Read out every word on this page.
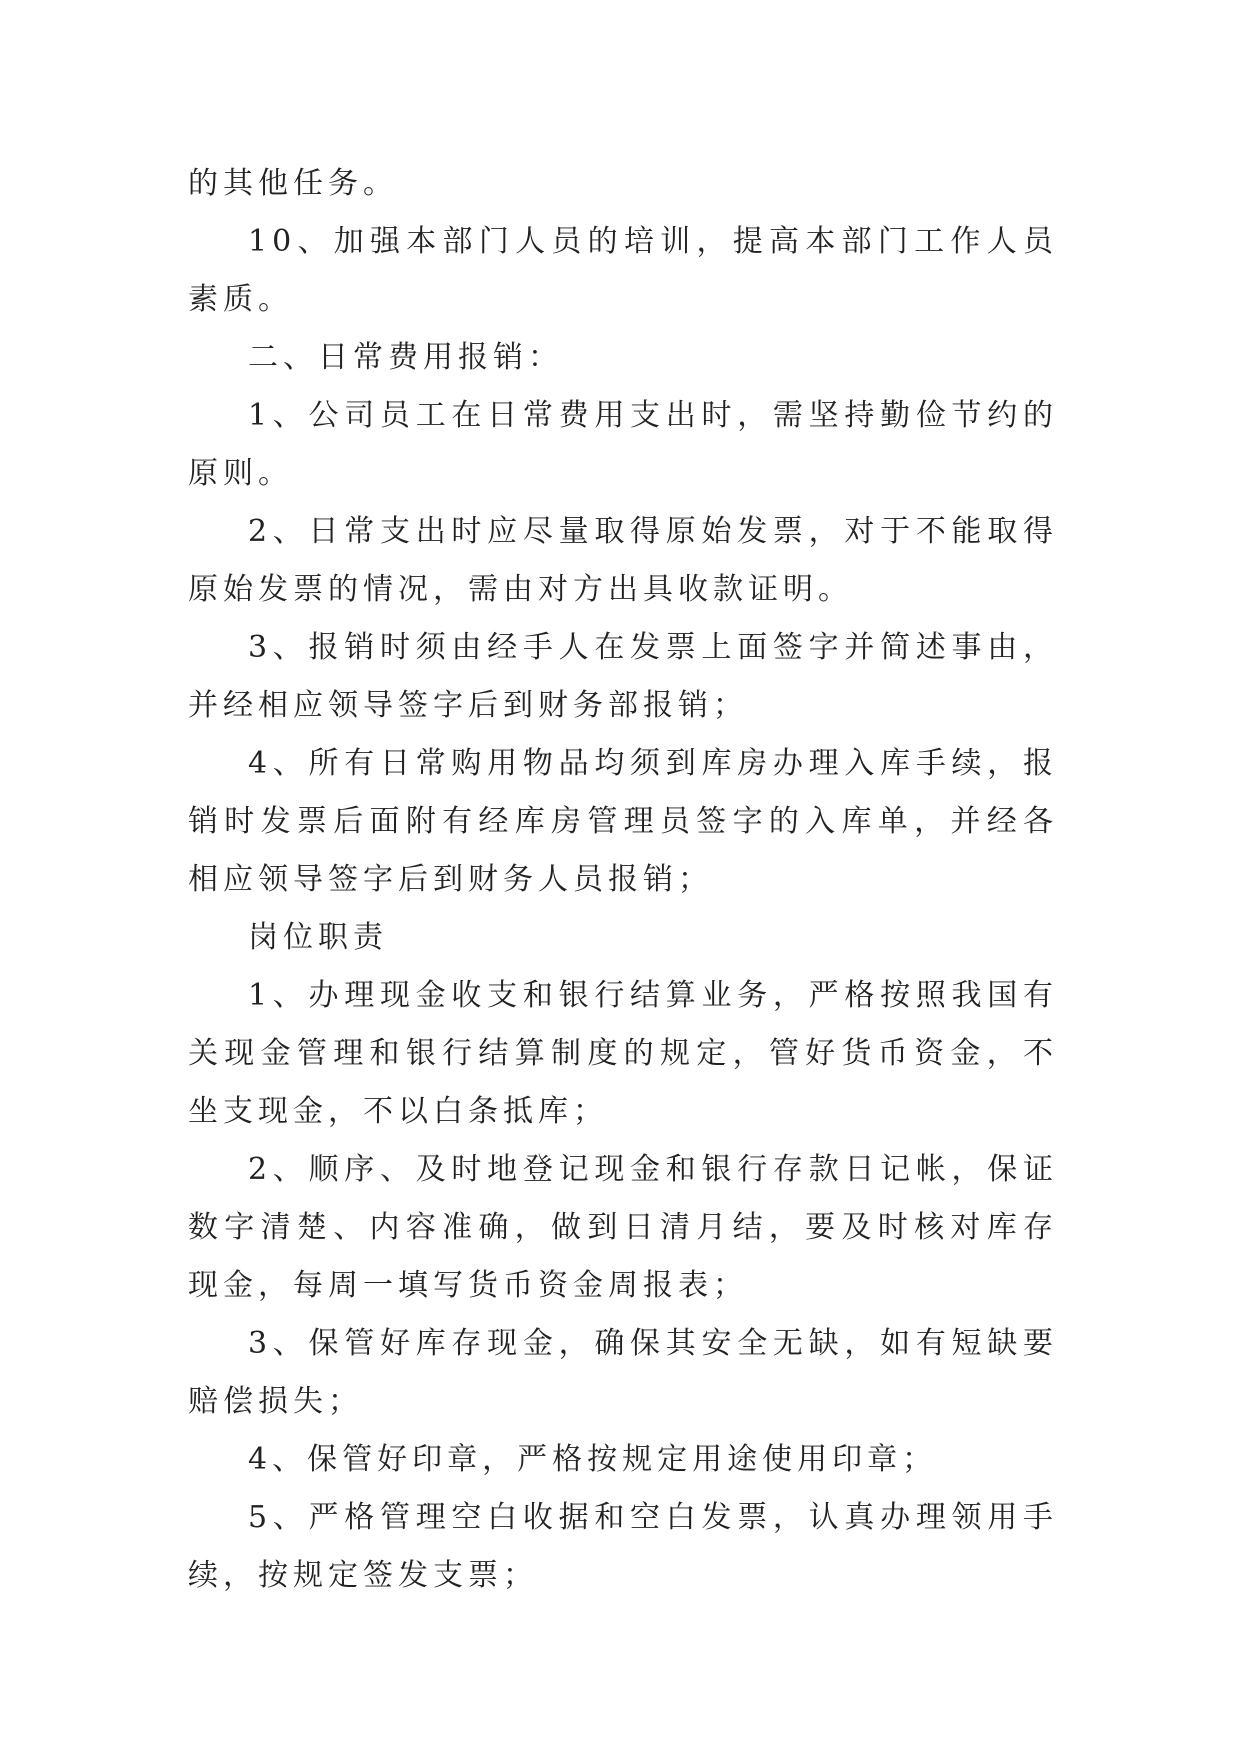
的其他任务。

10、加强本部门人员的培训，提高本部门工作人员素质。

二、日常费用报销：

1、公司员工在日常费用支出时，需坚持勤俭节约的原则。

2、日常支出时应尽量取得原始发票，对于不能取得原始发票的情况，需由对方出具收款证明。

3、报销时须由经手人在发票上面签字并简述事由，并经相应领导签字后到财务部报销；

4、所有日常购用物品均须到库房办理入库手续，报销时发票后面附有经库房管理员签字的入库单，并经各相应领导签字后到财务人员报销；

岗位职责

1、办理现金收支和银行结算业务，严格按照我国有关现金管理和银行结算制度的规定，管好货币资金，不坐支现金，不以白条抵库；

2、顺序、及时地登记现金和银行存款日记帐，保证数字清楚、内容准确，做到日清月结，要及时核对库存现金，每周一填写货币资金周报表；

3、保管好库存现金，确保其安全无缺，如有短缺要赔偿损失；

4、保管好印章，严格按规定用途使用印章；

5、严格管理空白收据和空白发票，认真办理领用手续，按规定签发支票；
